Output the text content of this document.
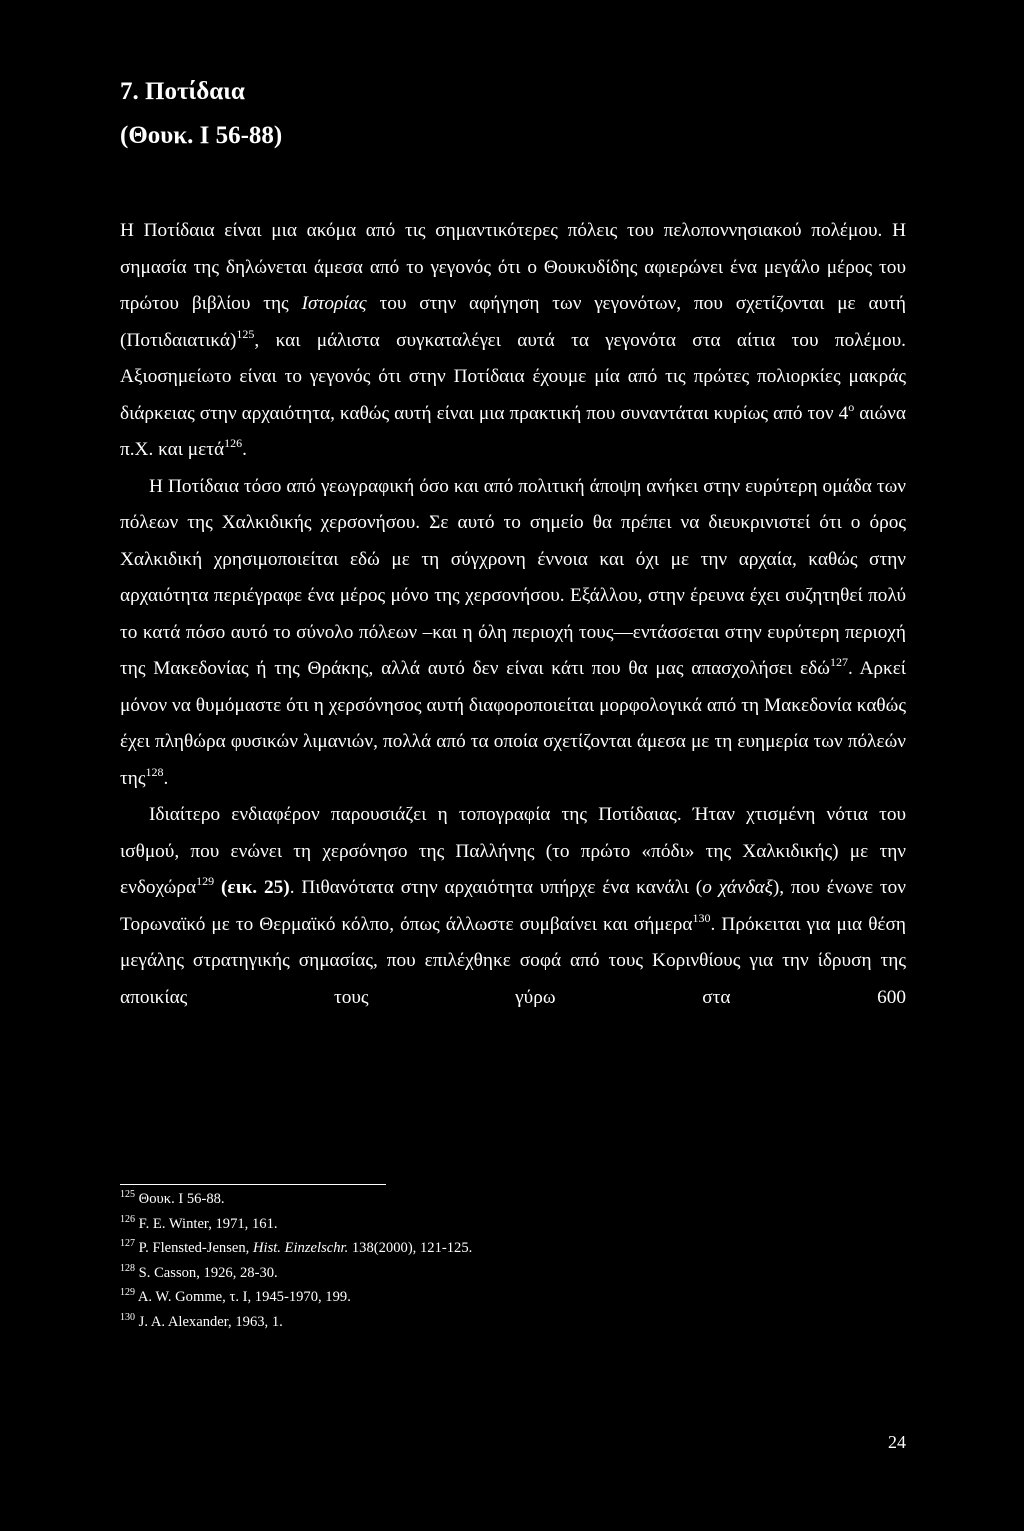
7. Ποτίδαια
(Θουκ. Ι 56-88)

Η Ποτίδαια είναι μια ακόμα από τις σημαντικότερες πόλεις του πελοποννησιακού πολέμου. Η σημασία της δηλώνεται άμεσα από το γεγονός ότι ο Θουκυδίδης αφιερώνει ένα μεγάλο μέρος του πρώτου βιβλίου της Ιστορίας του στην αφήγηση των γεγονότων, που σχετίζονται με αυτή $(\Pi o\tau\iota\delta\alpha\iota\alpha\tau\iota\kappa ά)^{125}$, και μάλιστα συγκαταλέγει αυτά τα γεγονότα στα αίτια του πολέμου. Αξιοσημείωτο είναι το γεγονός ότι στην Ποτίδαια έχουμε μία από τις πρώτες πολιορκίες μακράς διάρκειας στην αρχαιότητα, καθώς αυτή είναι μια πρακτική που συναντάται κυρίως από τον $4^o$ αιώνα π.Χ. και μετά$^{126}$.

Η Ποτίδαια τόσο από γεωγραφική όσο και από πολιτική άποψη ανήκει στην ευρύτερη ομάδα των πόλεων της Χαλκιδικής χερσονήσου. Σε αυτό το σημείο θα πρέπει να διευκρινιστεί ότι ο όρος Χαλκιδική χρησιμοποιείται εδώ με τη σύγχρονη έννοια και όχι με την αρχαία, καθώς στην αρχαιότητα περιέγραφε ένα μέρος μόνο της χερσονήσου. Εξάλλου, στην έρευνα έχει συζητηθεί πολύ το κατά πόσο αυτό το σύνολο πόλεων –και η όλη περιοχή τους—εντάσσεται στην ευρύτερη περιοχή της Μακεδονίας ή της Θράκης, αλλά αυτό δεν είναι κάτι που θα μας απασχολήσει εδώ$^{127}$. Αρκεί μόνον να θυμόμαστε ότι η χερσόνησος αυτή διαφοροποιείται μορφολογικά από τη Μακεδονία καθώς έχει πληθώρα φυσικών λιμανιών, πολλά από τα οποία σχετίζονται άμεσα με τη ευημερία των πόλεών της$^{128}$.

Ιδιαίτερο ενδιαφέρον παρουσιάζει η τοπογραφία της Ποτίδαιας. Ήταν χτισμένη νότια του ισθμού, που ενώνει τη χερσόνησο της Παλλήνης (το πρώτο «πόδι» της Χαλκιδικής) με την ενδοχώρα$^{129}$ (εικ. 25). Πιθανότατα στην αρχαιότητα υπήρχε ένα κανάλι (ο χάνδαξ), που ένωνε τον Τορωναϊκό με το Θερμαϊκό κόλπο, όπως άλλωστε συμβαίνει και σήμερα$^{130}$. Πρόκειται για μια θέση μεγάλης στρατηγικής σημασίας, που επιλέχθηκε σοφά από τους Κορινθίους για την ίδρυση της αποικίας τους γύρω στα 600

$^{125}$ Θουκ. Ι 56-88.
$^{126}$ F. E. Winter, 1971, 161.
$^{127}$ P. Flensted-Jensen, Hist. Einzelschr. 138(2000), 121-125.
$^{128}$ S. Casson, 1926, 28-30.
$^{129}$ A. W. Gomme, τ. Ι, 1945-1970, 199.
$^{130}$ J. A. Alexander, 1963, 1.
24
